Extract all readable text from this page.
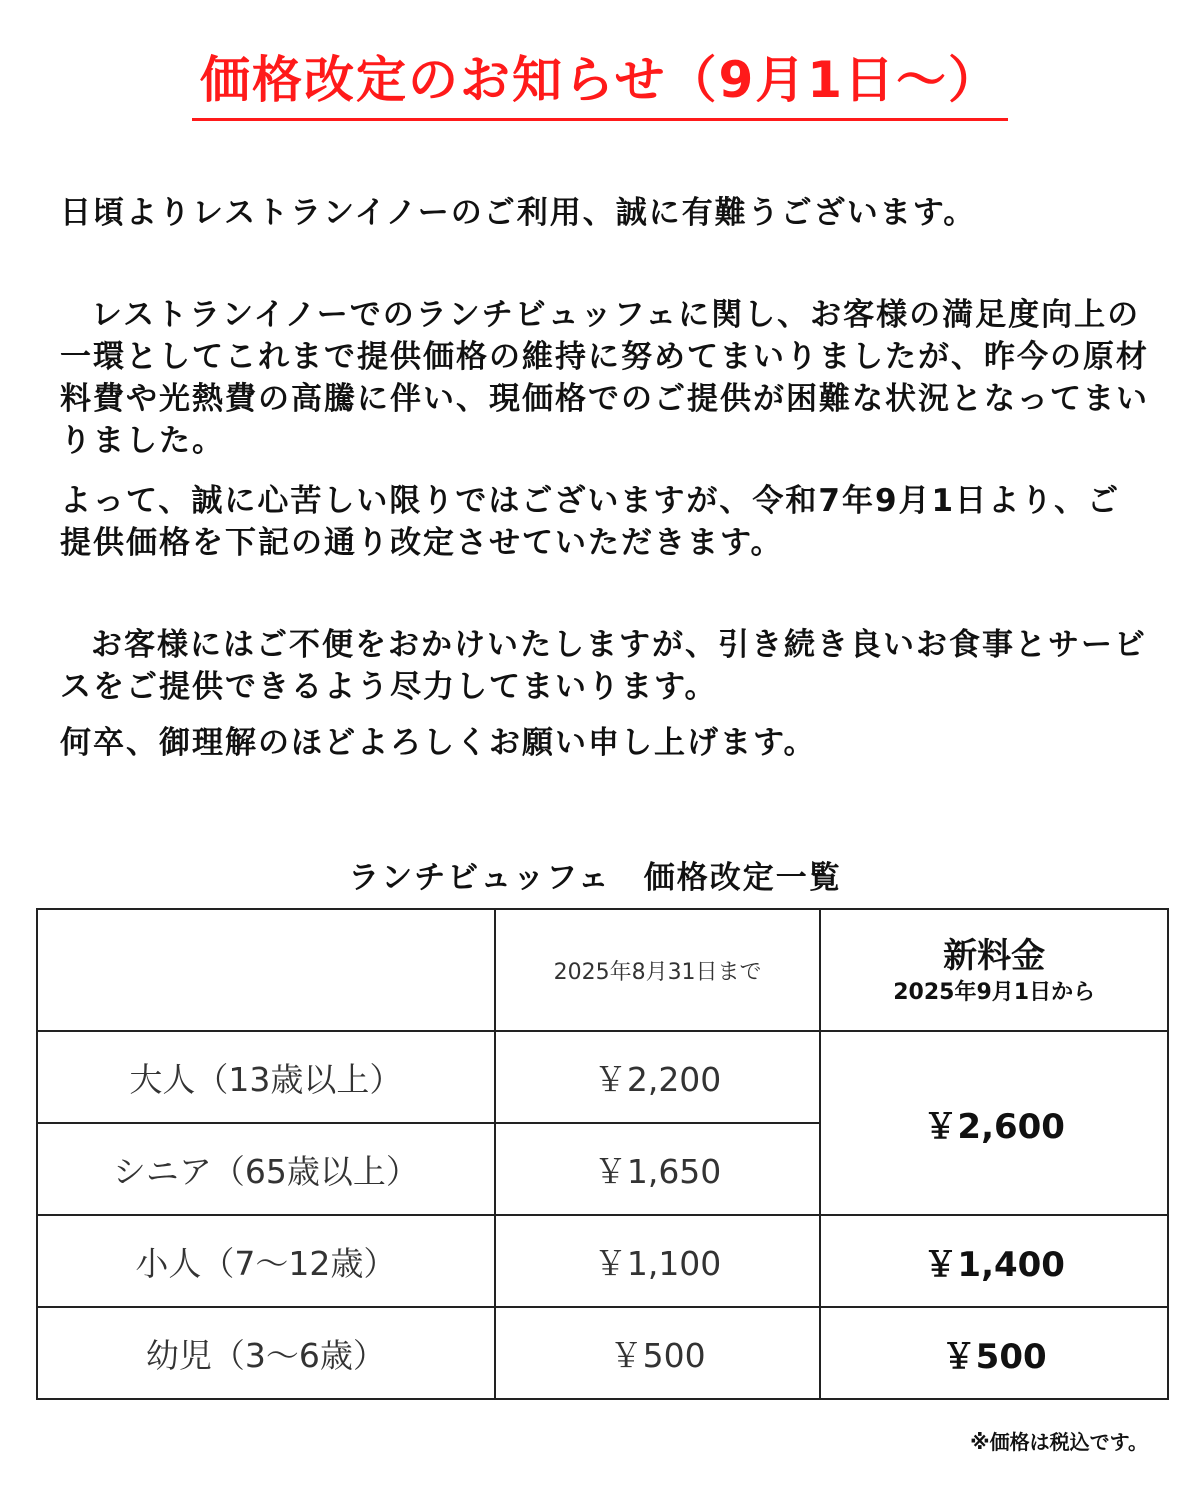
価格改定のお知らせ（9月1日～）

日頃よりレストランイノーのご利用、誠に有難うございます。

レストランイノーでのランチビュッフェに関し、お客様の満足度向上の一環としてこれまで提供価格の維持に努めてまいりましたが、昨今の原材料費や光熱費の高騰に伴い、現価格でのご提供が困難な状況となってまいりました。

よって、誠に心苦しい限りではございますが、令和7年9月1日より、ご提供価格を下記の通り改定させていただきます。

お客様にはご不便をおかけいたしますが、引き続き良いお食事とサービスをご提供できるよう尽力してまいります。

何卒、御理解のほどよろしくお願い申し上げます。

ランチビュッフェ　価格改定一覧
	2025年8月31日まで	新料金
2025年9月1日から

大人（13歳以上）	￥2,200	￥2,600
シニア（65歳以上）	￥1,650	
小人（7～12歳）	￥1,100	￥1,400
幼児（3～6歳）	￥500	￥500
※価格は税込です。
